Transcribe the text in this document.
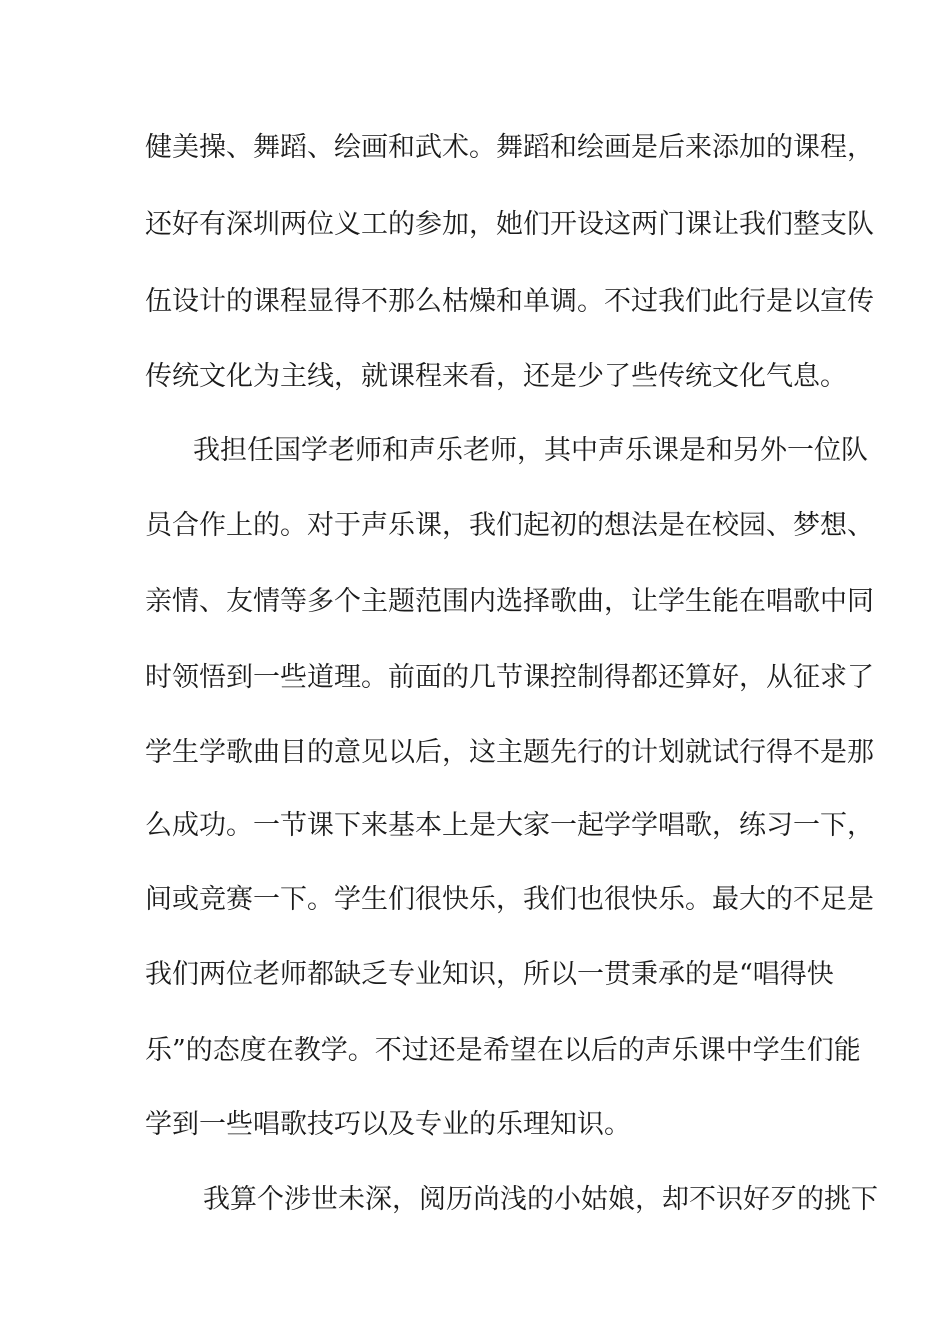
健美操、舞蹈、绘画和武术。舞蹈和绘画是后来添加的课程，
还好有深圳两位义工的参加，她们开设这两门课让我们整支队
伍设计的课程显得不那么枯燥和单调。不过我们此行是以宣传
传统文化为主线，就课程来看，还是少了些传统文化气息。
我担任国学老师和声乐老师，其中声乐课是和另外一位队
员合作上的。对于声乐课，我们起初的想法是在校园、梦想、
亲情、友情等多个主题范围内选择歌曲，让学生能在唱歌中同
时领悟到一些道理。前面的几节课控制得都还算好，从征求了
学生学歌曲目的意见以后，这主题先行的计划就试行得不是那
么成功。一节课下来基本上是大家一起学学唱歌，练习一下，
间或竞赛一下。学生们很快乐，我们也很快乐。最大的不足是
我们两位老师都缺乏专业知识，所以一贯秉承的是“唱得快
乐”的态度在教学。不过还是希望在以后的声乐课中学生们能
学到一些唱歌技巧以及专业的乐理知识。
我算个涉世未深，阅历尚浅的小姑娘，却不识好歹的挑下
